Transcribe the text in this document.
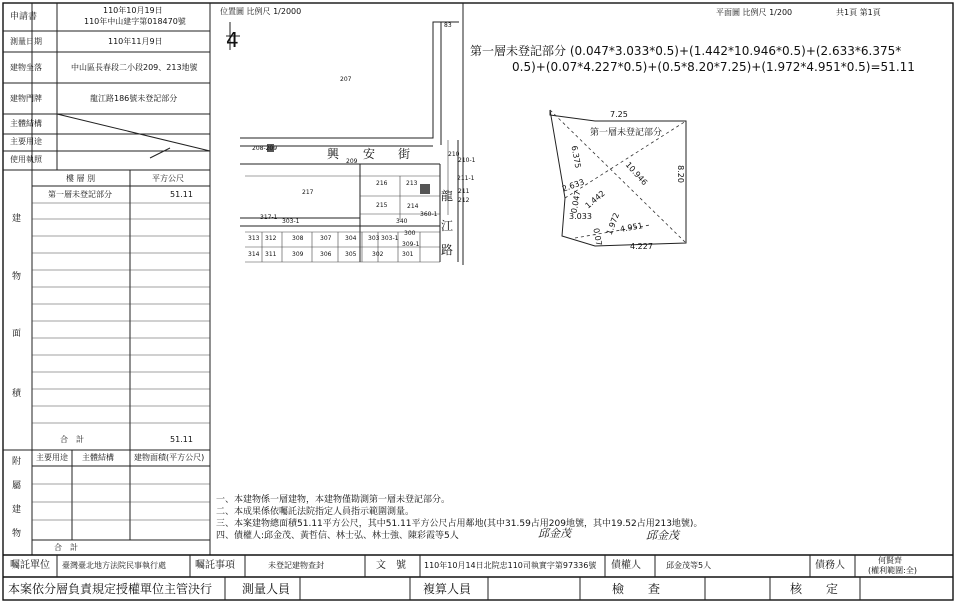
申請書
110年10月19日
110年中山建字第018470號
測量日期	110年11月9日
建物坐落	中山區長春段二小段209、213地號
建物門牌	龍江路186號未登記部分
主體結構
主要用途
使用執照
建
物
面
積
樓 層 別	平方公尺
第一層未登記部分	51.11
合　計	51.11
附
屬
建
物
主要用途 主體結構	建物面積(平方公尺)
合　計
位置圖 比例尺 1/2000
4
興 安 街
龍
江
路
207
83
208-209
209
217
216	213
215	214
210
210-1
211-1
211
212
317-1
303-1
360-1
340
300
309-1
313 312	308	307 304 303 303-1
314 311	309	306 305	302	301
平面圖 比例尺 1/200	共1頁 第1頁
第一層未登記部分 (0.047*3.033*0.5)+(1.442*10.946*0.5)+(2.633*6.375*
0.5)+(0.07*4.227*0.5)+(0.5*8.20*7.25)+(1.972*4.951*0.5)=51.11
第一層未登記部分
7.25
8.20
10.946
6.375
2.633
1.442
0.047
3.033 1.972
4.951
0.07
4.227
一、本建物係一層建物，本建物僅勘測第一層未登記部分。
二、本成果係依囑託法院指定人員指示範圍測量。
三、本案建物總面積51.11平方公尺，其中51.11平方公尺占用鄰地(其中31.59占用209地號，其中19.52占用213地號)。
四、債權人:邱金茂、黃哲信、林士弘、林士強、陳彩霞等5人	邱金茂	邱金茂
囑託單位 臺灣臺北地方法院民事執行處	囑託事項	未登記建物查封	文　號 110年10月14日北院忠110司執實字第97336號 債權人	邱金茂等5人	債務人	何賢齊
(權利範圍:全)
本案依分層負責規定授權單位主管決行 測量人員	複算人員	檢　　查	核　　定
